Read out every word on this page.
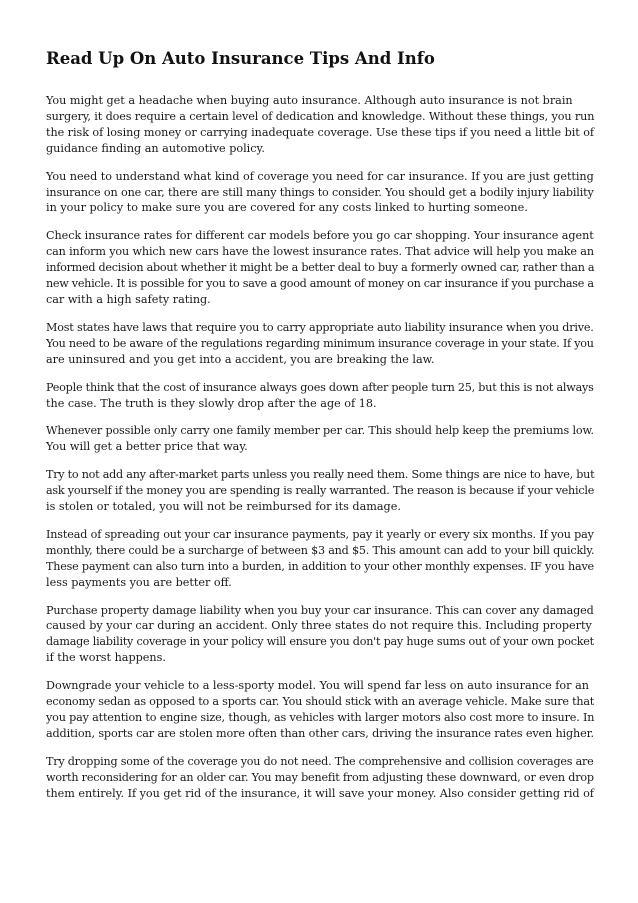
Read Up On Auto Insurance Tips And Info

You might get a headache when buying auto insurance. Although auto insurance is not brain
surgery, it does require a certain level of dedication and knowledge. Without these things, you run
the risk of losing money or carrying inadequate coverage. Use these tips if you need a little bit of
guidance finding an automotive policy.

You need to understand what kind of coverage you need for car insurance. If you are just getting
insurance on one car, there are still many things to consider. You should get a bodily injury liability
in your policy to make sure you are covered for any costs linked to hurting someone.

Check insurance rates for different car models before you go car shopping. Your insurance agent
can inform you which new cars have the lowest insurance rates. That advice will help you make an
informed decision about whether it might be a better deal to buy a formerly owned car, rather than a
new vehicle. It is possible for you to save a good amount of money on car insurance if you purchase a
car with a high safety rating.

Most states have laws that require you to carry appropriate auto liability insurance when you drive.
You need to be aware of the regulations regarding minimum insurance coverage in your state. If you
are uninsured and you get into a accident, you are breaking the law.

People think that the cost of insurance always goes down after people turn 25, but this is not always
the case. The truth is they slowly drop after the age of 18.

Whenever possible only carry one family member per car. This should help keep the premiums low.
You will get a better price that way.

Try to not add any after-market parts unless you really need them. Some things are nice to have, but
ask yourself if the money you are spending is really warranted. The reason is because if your vehicle
is stolen or totaled, you will not be reimbursed for its damage.

Instead of spreading out your car insurance payments, pay it yearly or every six months. If you pay
monthly, there could be a surcharge of between $3 and $5. This amount can add to your bill quickly.
These payment can also turn into a burden, in addition to your other monthly expenses. IF you have
less payments you are better off.

Purchase property damage liability when you buy your car insurance. This can cover any damaged
caused by your car during an accident. Only three states do not require this. Including property
damage liability coverage in your policy will ensure you don't pay huge sums out of your own pocket
if the worst happens.

Downgrade your vehicle to a less-sporty model. You will spend far less on auto insurance for an
economy sedan as opposed to a sports car. You should stick with an average vehicle. Make sure that
you pay attention to engine size, though, as vehicles with larger motors also cost more to insure. In
addition, sports car are stolen more often than other cars, driving the insurance rates even higher.

Try dropping some of the coverage you do not need. The comprehensive and collision coverages are
worth reconsidering for an older car. You may benefit from adjusting these downward, or even drop
them entirely. If you get rid of the insurance, it will save your money. Also consider getting rid of
